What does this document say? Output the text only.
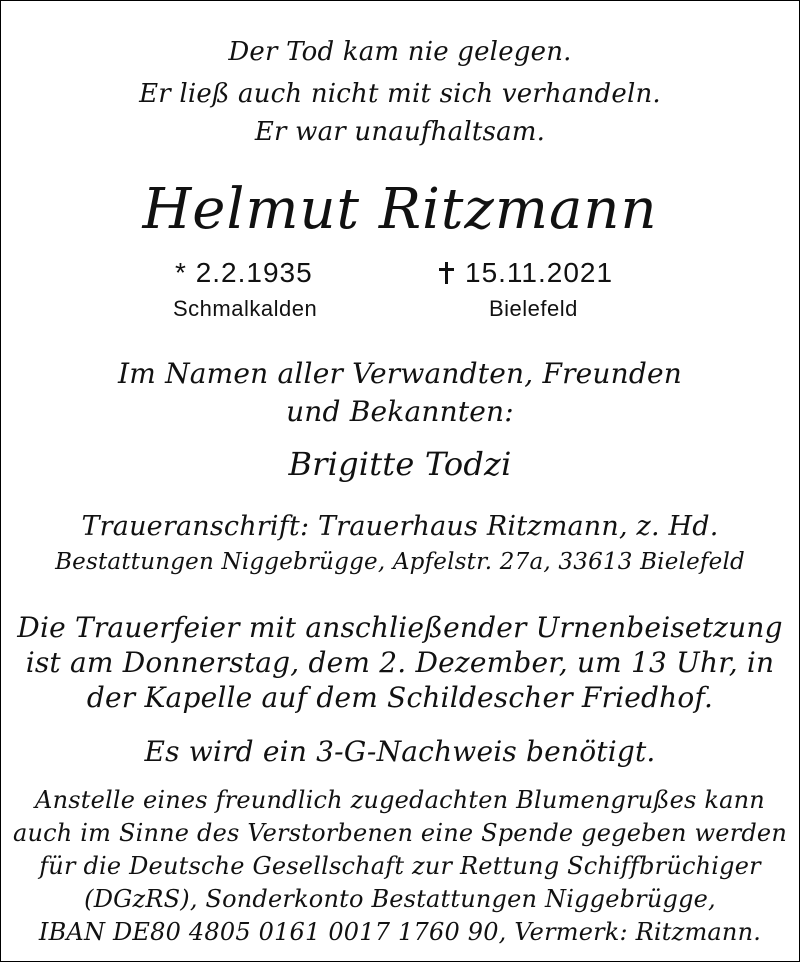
Der Tod kam nie gelegen.
Er ließ auch nicht mit sich verhandeln.
Er war unaufhaltsam.
Helmut Ritzmann
* 2.2.1935
Schmalkalden
15.11.2021
Bielefeld
Im Namen aller Verwandten, Freunden
und Bekannten:
Brigitte Todzi
Traueranschrift: Trauerhaus Ritzmann, z. Hd.
Bestattungen Niggebrügge, Apfelstr. 27a, 33613 Bielefeld
Die Trauerfeier mit anschließender Urnenbeisetzung
ist am Donnerstag, dem 2. Dezember, um 13 Uhr, in
der Kapelle auf dem Schildescher Friedhof.
Es wird ein 3-G-Nachweis benötigt.
Anstelle eines freundlich zugedachten Blumengrußes kann
auch im Sinne des Verstorbenen eine Spende gegeben werden
für die Deutsche Gesellschaft zur Rettung Schiffbrüchiger
(DGzRS), Sonderkonto Bestattungen Niggebrügge,
IBAN DE80 4805 0161 0017 1760 90, Vermerk: Ritzmann.
